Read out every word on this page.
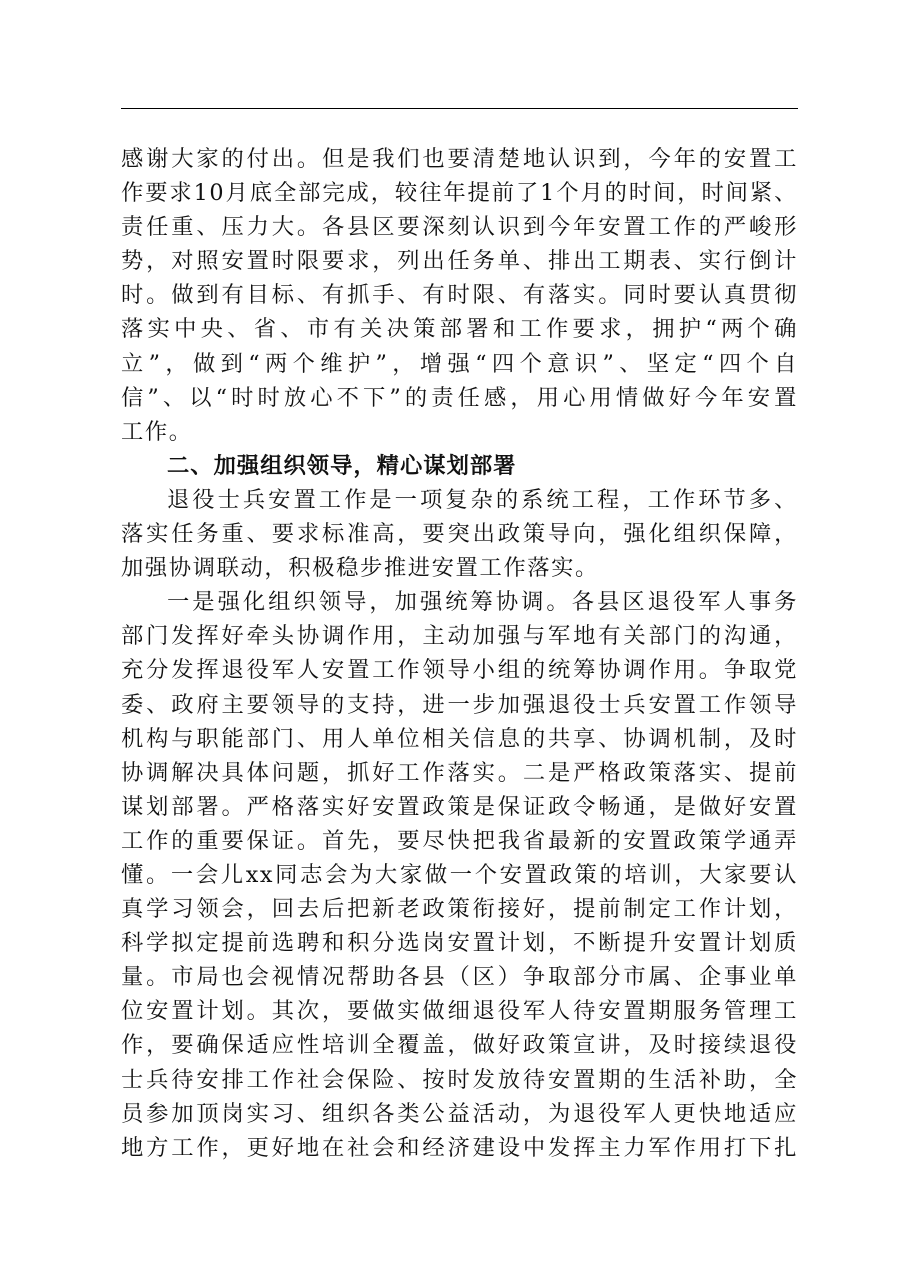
感谢大家的付出。但是我们也要清楚地认识到，今年的安置工
作要求10月底全部完成，较往年提前了1个月的时间，时间紧、
责任重、压力大。各县区要深刻认识到今年安置工作的严峻形
势，对照安置时限要求，列出任务单、排出工期表、实行倒计
时。做到有目标、有抓手、有时限、有落实。同时要认真贯彻
落实中央、省、市有关决策部署和工作要求，拥护“两个确
立”，做到“两个维护”，增强“四个意识”、坚定“四个自
信”、以“时时放心不下”的责任感，用心用情做好今年安置
工作。
二、加强组织领导，精心谋划部署
退役士兵安置工作是一项复杂的系统工程，工作环节多、
落实任务重、要求标准高，要突出政策导向，强化组织保障，
加强协调联动，积极稳步推进安置工作落实。
一是强化组织领导，加强统筹协调。各县区退役军人事务
部门发挥好牵头协调作用，主动加强与军地有关部门的沟通，
充分发挥退役军人安置工作领导小组的统筹协调作用。争取党
委、政府主要领导的支持，进一步加强退役士兵安置工作领导
机构与职能部门、用人单位相关信息的共享、协调机制，及时
协调解决具体问题，抓好工作落实。二是严格政策落实、提前
谋划部署。严格落实好安置政策是保证政令畅通，是做好安置
工作的重要保证。首先，要尽快把我省最新的安置政策学通弄
懂。一会儿xx同志会为大家做一个安置政策的培训，大家要认
真学习领会，回去后把新老政策衔接好，提前制定工作计划，
科学拟定提前选聘和积分选岗安置计划，不断提升安置计划质
量。市局也会视情况帮助各县（区）争取部分市属、企事业单
位安置计划。其次，要做实做细退役军人待安置期服务管理工
作，要确保适应性培训全覆盖，做好政策宣讲，及时接续退役
士兵待安排工作社会保险、按时发放待安置期的生活补助，全
员参加顶岗实习、组织各类公益活动，为退役军人更快地适应
地方工作，更好地在社会和经济建设中发挥主力军作用打下扎
